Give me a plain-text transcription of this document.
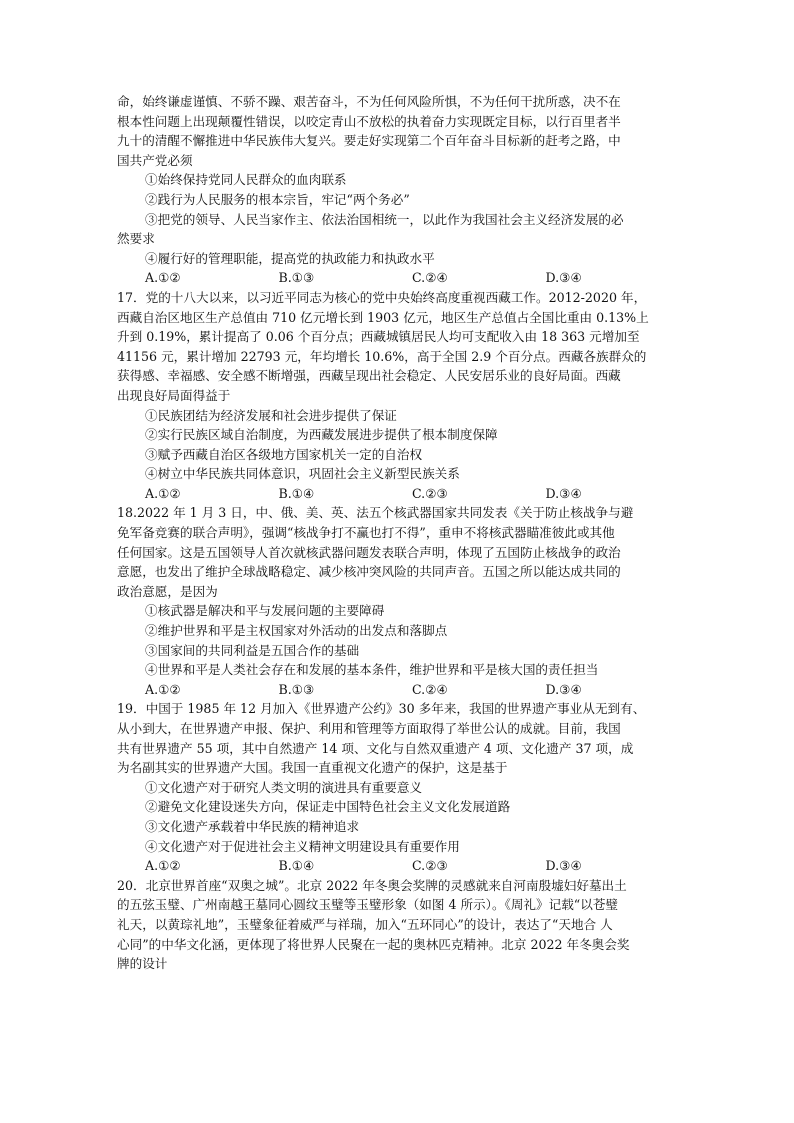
命，始终谦虚谨慎、不骄不躁、艰苦奋斗，不为任何风险所惧，不为任何干扰所惑，决不在

根本性问题上出现颠覆性错误，以咬定青山不放松的执着奋力实现既定目标，以行百里者半

九十的清醒不懈推进中华民族伟大复兴。要走好实现第二个百年奋斗目标新的赶考之路，中

国共产党必须

①始终保持党同人民群众的血肉联系

②践行为人民服务的根本宗旨，牢记“两个务必”

③把党的领导、人民当家作主、依法治国相统一，以此作为我国社会主义经济发展的必

然要求

④履行好的管理职能，提高党的执政能力和执政水平

A.①②	B.①③	C.②④	D.③④

17．党的十八大以来，以习近平同志为核心的党中央始终高度重视西藏工作。2012-2020 年，

西藏自治区地区生产总值由 710 亿元增长到 1903 亿元，地区生产总值占全国比重由 0.13%上

升到 0.19%，累计提高了 0.06 个百分点；西藏城镇居民人均可支配收入由 18 363 元增加至

41156 元，累计增加 22793 元，年均增长 10.6%，高于全国 2.9 个百分点。西藏各族群众的

获得感、幸福感、安全感不断增强，西藏呈现出社会稳定、人民安居乐业的良好局面。西藏

出现良好局面得益于

①民族团结为经济发展和社会进步提供了保证

②实行民族区域自治制度，为西藏发展进步提供了根本制度保障

③赋予西藏自治区各级地方国家机关一定的自治权

④树立中华民族共同体意识，巩固社会主义新型民族关系

A.①②	B.①④	C.②③	D.③④

18.2022 年 1 月 3 日，中、俄、美、英、法五个核武器国家共同发表《关于防止核战争与避

免军备竞赛的联合声明》，强调“核战争打不赢也打不得”，重申不将核武器瞄准彼此或其他

任何国家。这是五国领导人首次就核武器问题发表联合声明，体现了五国防止核战争的政治

意愿，也发出了维护全球战略稳定、减少核冲突风险的共同声音。五国之所以能达成共同的

政治意愿，是因为

①核武器是解决和平与发展问题的主要障碍

②维护世界和平是主权国家对外活动的出发点和落脚点

③国家间的共同利益是五国合作的基础

④世界和平是人类社会存在和发展的基本条件，维护世界和平是核大国的责任担当

A.①②	B.①③	C.②④	D.③④

19．中国于 1985 年 12 月加入《世界遗产公约》30 多年来，我国的世界遗产事业从无到有、

从小到大，在世界遗产申报、保护、利用和管理等方面取得了举世公认的成就。目前，我国

共有世界遗产 55 项，其中自然遗产 14 项、文化与自然双重遗产 4 项、文化遗产 37 项，成

为名副其实的世界遗产大国。我国一直重视文化遗产的保护，这是基于

①文化遗产对于研究人类文明的演进具有重要意义

②避免文化建设迷失方向，保证走中国特色社会主义文化发展道路

③文化遗产承载着中华民族的精神追求

④文化遗产对于促进社会主义精神文明建设具有重要作用

A.①②	B.①④	C.②③	D.③④

20．北京世界首座“双奥之城”。北京 2022 年冬奥会奖牌的灵感就来自河南殷墟妇好墓出土

的五弦玉璧、广州南越王墓同心圆纹玉璧等玉璧形象（如图 4 所示）。《周礼》记载“以苍璧

礼天，以黄琮礼地”，玉璧象征着威严与祥瑞，加入“五环同心”的设计，表达了“天地合 人

心同”的中华文化涵，更体现了将世界人民聚在一起的奥林匹克精神。北京 2022 年冬奥会奖

牌的设计
